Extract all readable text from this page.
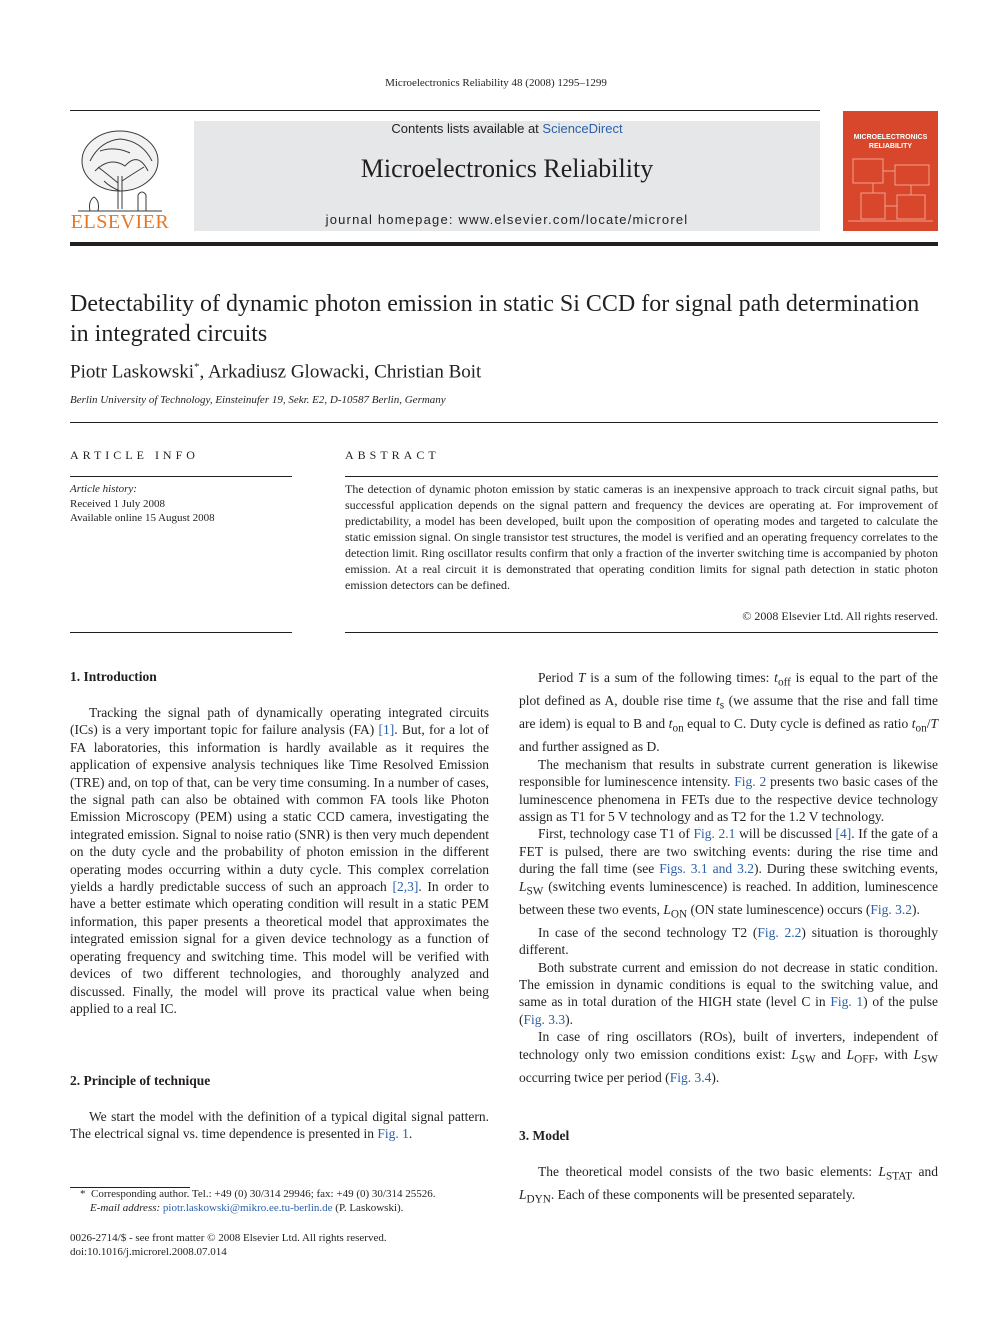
Microelectronics Reliability 48 (2008) 1295–1299
ELSEVIER
Contents lists available at ScienceDirect
Microelectronics Reliability
journal homepage: www.elsevier.com/locate/microrel
MICROELECTRONICS
RELIABILITY
Detectability of dynamic photon emission in static Si CCD for signal path determination in integrated circuits
Piotr Laskowski*, Arkadiusz Glowacki, Christian Boit
Berlin University of Technology, Einsteinufer 19, Sekr. E2, D-10587 Berlin, Germany
ARTICLE INFO	ABSTRACT
Article history:
Received 1 July 2008
Available online 15 August 2008
The detection of dynamic photon emission by static cameras is an inexpensive approach to track circuit signal paths, but successful application depends on the signal pattern and frequency the devices are operating at. For improvement of predictability, a model has been developed, built upon the composition of operating modes and targeted to calculate the static emission signal. On single transistor test structures, the model is verified and an operating frequency correlates to the detection limit. Ring oscillator results confirm that only a fraction of the inverter switching time is accompanied by photon emission. At a real circuit it is demonstrated that operating condition limits for signal path detection in static photon emission detectors can be defined.
© 2008 Elsevier Ltd. All rights reserved.
1. Introduction

Tracking the signal path of dynamically operating integrated circuits (ICs) is a very important topic for failure analysis (FA) [1]. But, for a lot of FA laboratories, this information is hardly available as it requires the application of expensive analysis techniques like Time Resolved Emission (TRE) and, on top of that, can be very time consuming. In a number of cases, the signal path can also be obtained with common FA tools like Photon Emission Microscopy (PEM) using a static CCD camera, investigating the integrated emission. Signal to noise ratio (SNR) is then very much dependent on the duty cycle and the probability of photon emission in the different operating modes occurring within a duty cycle. This complex correlation yields a hardly predictable success of such an approach [2,3]. In order to have a better estimate which operating condition will result in a static PEM information, this paper presents a theoretical model that approximates the integrated emission signal for a given device technology as a function of operating frequency and switching time. This model will be verified with devices of two different technologies, and thoroughly analyzed and discussed. Finally, the model will prove its practical value when being applied to a real IC.

2. Principle of technique

We start the model with the definition of a typical digital signal pattern. The electrical signal vs. time dependence is presented in Fig. 1.

* Corresponding author. Tel.: +49 (0) 30/314 29946; fax: +49 (0) 30/314 25526.
E-mail address: piotr.laskowski@mikro.ee.tu-berlin.de (P. Laskowski).
0026-2714/$ - see front matter © 2008 Elsevier Ltd. All rights reserved.
doi:10.1016/j.microrel.2008.07.014

Period T is a sum of the following times: $t_{off}$ is equal to the part of the plot defined as A, double rise time $t_s$ (we assume that the rise and fall time are idem) is equal to B and $t_{on}$ equal to C. Duty cycle is defined as ratio $t_{on}/T$ and further assigned as D.

The mechanism that results in substrate current generation is likewise responsible for luminescence intensity. Fig. 2 presents two basic cases of the luminescence phenomena in FETs due to the respective device technology assign as T1 for 5 V technology and as T2 for the 1.2 V technology.

First, technology case T1 of Fig. 2.1 will be discussed [4]. If the gate of a FET is pulsed, there are two switching events: during the rise time and during the fall time (see Figs. 3.1 and 3.2). During these switching events, $L_{SW}$ (switching events luminescence) is reached. In addition, luminescence between these two events, $L_{ON}$ (ON state luminescence) occurs (Fig. 3.2).

In case of the second technology T2 (Fig. 2.2) situation is thoroughly different.

Both substrate current and emission do not decrease in static condition. The emission in dynamic conditions is equal to the switching value, and same as in total duration of the HIGH state (level C in Fig. 1) of the pulse (Fig. 3.3).

In case of ring oscillators (ROs), built of inverters, independent of technology only two emission conditions exist: $L_{SW}$ and $L_{OFF}$, with $L_{SW}$ occurring twice per period (Fig. 3.4).

3. Model

The theoretical model consists of the two basic elements: $L_{STAT}$ and $L_{DYN}$. Each of these components will be presented separately.
